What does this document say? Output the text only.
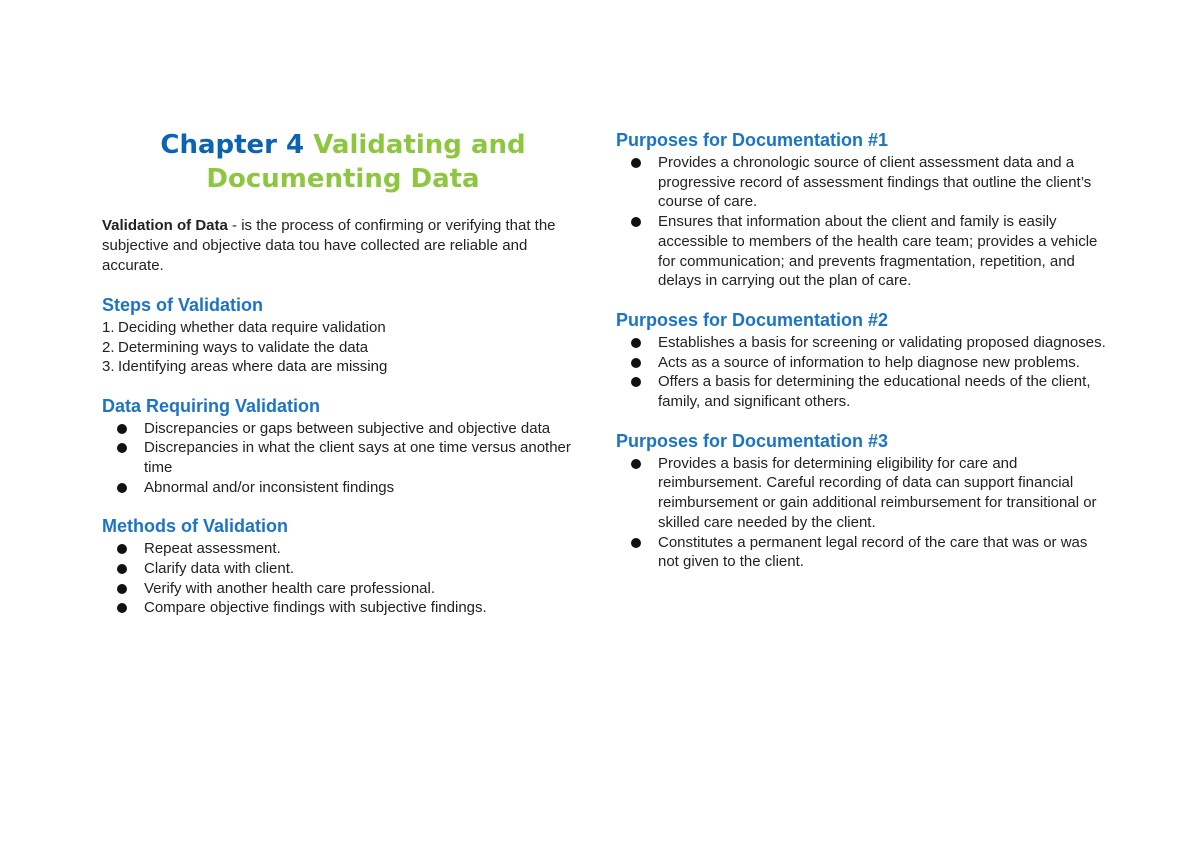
Chapter 4 Validating and Documenting Data

Validation of Data - is the process of confirming or verifying that the subjective and objective data tou have collected are reliable and accurate.

Steps of Validation
1. Deciding whether data require validation
2. Determining ways to validate the data
3. Identifying areas where data are missing
Data Requiring Validation
Discrepancies or gaps between subjective and objective data
Discrepancies in what the client says at one time versus another time
Abnormal and/or inconsistent findings
Methods of Validation
Repeat assessment.
Clarify data with client.
Verify with another health care professional.
Compare objective findings with subjective findings.
Purposes for Documentation #1
Provides a chronologic source of client assessment data and a progressive record of assessment findings that outline the client’s course of care.
Ensures that information about the client and family is easily accessible to members of the health care team; provides a vehicle for communication; and prevents fragmentation, repetition, and delays in carrying out the plan of care.
Purposes for Documentation #2
Establishes a basis for screening or validating proposed diagnoses.
Acts as a source of information to help diagnose new problems.
Offers a basis for determining the educational needs of the client, family, and significant others.
Purposes for Documentation #3
Provides a basis for determining eligibility for care and reimbursement. Careful recording of data can support financial reimbursement or gain additional reimbursement for transitional or skilled care needed by the client.
Constitutes a permanent legal record of the care that was or was not given to the client.
